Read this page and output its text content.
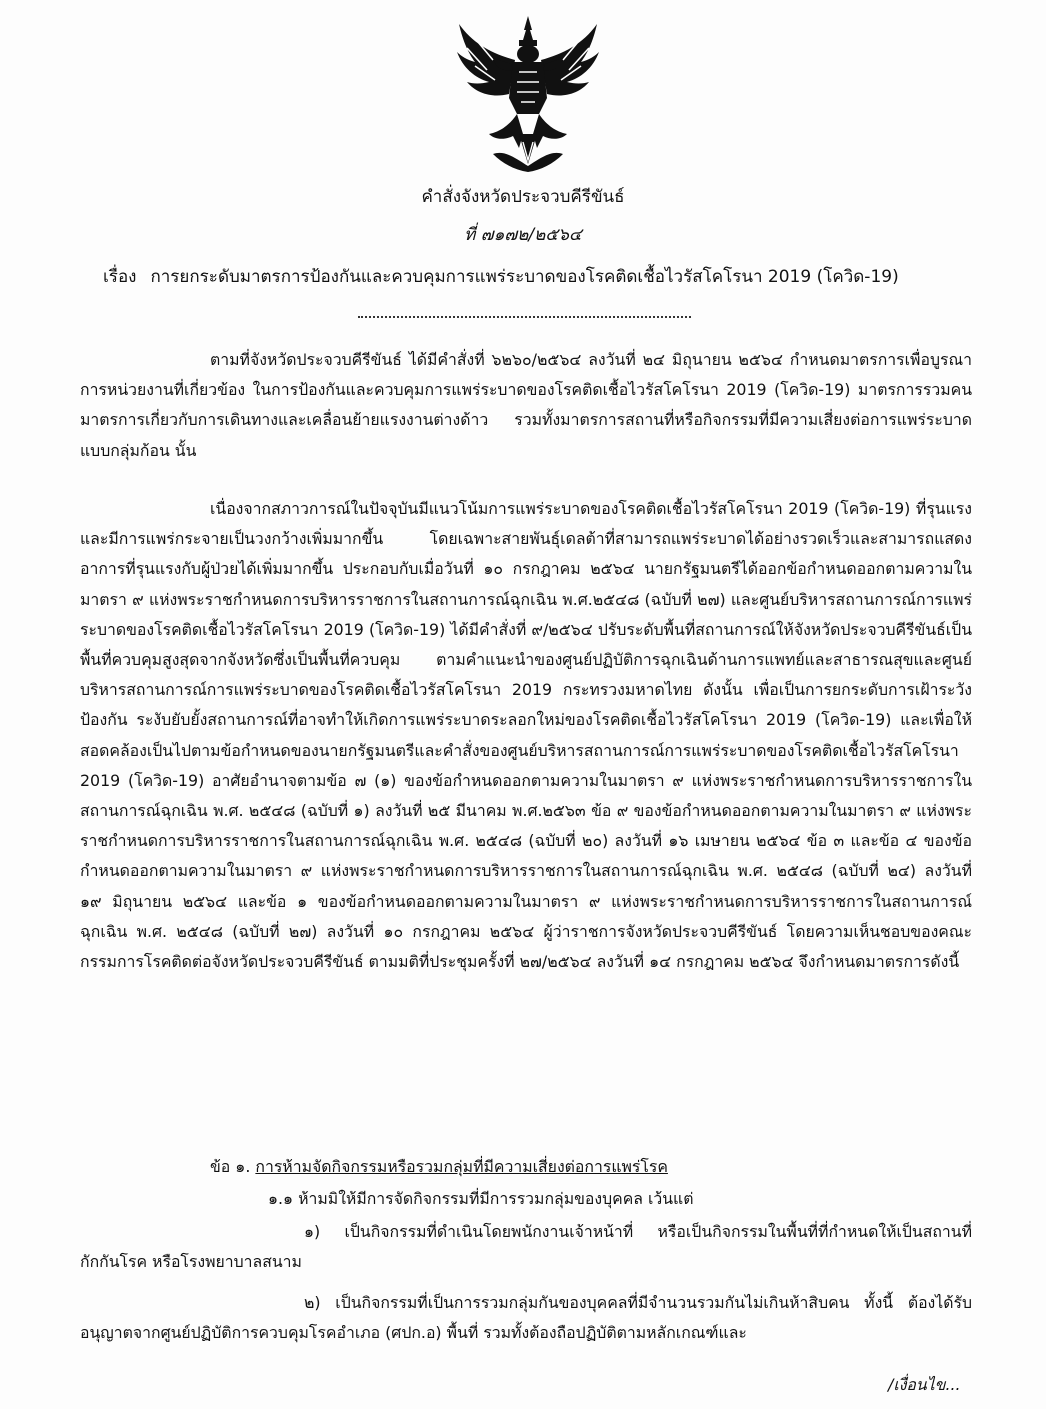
คำสั่งจังหวัดประจวบคีรีขันธ์
ที่ ๗๑๗๒/๒๕๖๔
เรื่อง การยกระดับมาตรการป้องกันและควบคุมการแพร่ระบาดของโรคติดเชื้อไวรัสโคโรนา 2019 (โควิด-19)
ตามที่จังหวัดประจวบคีรีขันธ์ ได้มีคำสั่งที่ ๖๒๖๐/๒๕๖๔ ลงวันที่ ๒๔ มิถุนายน ๒๕๖๔ กำหนดมาตรการเพื่อบูรณาการหน่วยงานที่เกี่ยวข้อง ในการป้องกันและควบคุมการแพร่ระบาดของโรคติดเชื้อไวรัสโคโรนา 2019 (โควิด-19) มาตรการรวมคน มาตรการเกี่ยวกับการเดินทางและเคลื่อนย้ายแรงงานต่างด้าว รวมทั้งมาตรการสถานที่หรือกิจกรรมที่มีความเสี่ยงต่อการแพร่ระบาดแบบกลุ่มก้อน นั้น
เนื่องจากสภาวการณ์ในปัจจุบันมีแนวโน้มการแพร่ระบาดของโรคติดเชื้อไวรัสโคโรนา 2019 (โควิด-19) ที่รุนแรงและมีการแพร่กระจายเป็นวงกว้างเพิ่มมากขึ้น โดยเฉพาะสายพันธุ์เดลต้าที่สามารถแพร่ระบาดได้อย่างรวดเร็วและสามารถแสดงอาการที่รุนแรงกับผู้ป่วยได้เพิ่มมากขึ้น ประกอบกับเมื่อวันที่ ๑๐ กรกฎาคม ๒๕๖๔ นายกรัฐมนตรีได้ออกข้อกำหนดออกตามความในมาตรา ๙ แห่งพระราชกำหนดการบริหารราชการในสถานการณ์ฉุกเฉิน พ.ศ.๒๕๔๘ (ฉบับที่ ๒๗) และศูนย์บริหารสถานการณ์การแพร่ระบาดของโรคติดเชื้อไวรัสโคโรนา 2019 (โควิด-19) ได้มีคำสั่งที่ ๙/๒๕๖๔ ปรับระดับพื้นที่สถานการณ์ให้จังหวัดประจวบคีรีขันธ์เป็นพื้นที่ควบคุมสูงสุดจากจังหวัดซึ่งเป็นพื้นที่ควบคุม ตามคำแนะนำของศูนย์ปฏิบัติการฉุกเฉินด้านการแพทย์และสาธารณสุขและศูนย์บริหารสถานการณ์การแพร่ระบาดของโรคติดเชื้อไวรัสโคโรนา 2019 กระทรวงมหาดไทย ดังนั้น เพื่อเป็นการยกระดับการเฝ้าระวัง ป้องกัน ระงับยับยั้งสถานการณ์ที่อาจทำให้เกิดการแพร่ระบาดระลอกใหม่ของโรคติดเชื้อไวรัสโคโรนา 2019 (โควิด-19) และเพื่อให้สอดคล้องเป็นไปตามข้อกำหนดของนายกรัฐมนตรีและคำสั่งของศูนย์บริหารสถานการณ์การแพร่ระบาดของโรคติดเชื้อไวรัสโคโรนา 2019 (โควิด-19) อาศัยอำนาจตามข้อ ๗ (๑) ของข้อกำหนดออกตามความในมาตรา ๙ แห่งพระราชกำหนดการบริหารราชการในสถานการณ์ฉุกเฉิน พ.ศ. ๒๕๔๘ (ฉบับที่ ๑) ลงวันที่ ๒๕ มีนาคม พ.ศ.๒๕๖๓ ข้อ ๙ ของข้อกำหนดออกตามความในมาตรา ๙ แห่งพระราชกำหนดการบริหารราชการในสถานการณ์ฉุกเฉิน พ.ศ. ๒๕๔๘ (ฉบับที่ ๒๐) ลงวันที่ ๑๖ เมษายน ๒๕๖๔ ข้อ ๓ และข้อ ๔ ของข้อกำหนดออกตามความในมาตรา ๙ แห่งพระราชกำหนดการบริหารราชการในสถานการณ์ฉุกเฉิน พ.ศ. ๒๕๔๘ (ฉบับที่ ๒๔) ลงวันที่ ๑๙ มิถุนายน ๒๕๖๔ และข้อ ๑ ของข้อกำหนดออกตามความในมาตรา ๙ แห่งพระราชกำหนดการบริหารราชการในสถานการณ์ฉุกเฉิน พ.ศ. ๒๕๔๘ (ฉบับที่ ๒๗) ลงวันที่ ๑๐ กรกฎาคม ๒๕๖๔ ผู้ว่าราชการจังหวัดประจวบคีรีขันธ์ โดยความเห็นชอบของคณะกรรมการโรคติดต่อจังหวัดประจวบคีรีขันธ์ ตามมติที่ประชุมครั้งที่ ๒๗/๒๕๖๔ ลงวันที่ ๑๔ กรกฎาคม ๒๕๖๔ จึงกำหนดมาตรการดังนี้
ข้อ ๑. การห้ามจัดกิจกรรมหรือรวมกลุ่มที่มีความเสี่ยงต่อการแพร่โรค
๑.๑ ห้ามมิให้มีการจัดกิจกรรมที่มีการรวมกลุ่มของบุคคล เว้นแต่
๑) เป็นกิจกรรมที่ดำเนินโดยพนักงานเจ้าหน้าที่ หรือเป็นกิจกรรมในพื้นที่ที่กำหนดให้เป็นสถานที่กักกันโรค หรือโรงพยาบาลสนาม
๒) เป็นกิจกรรมที่เป็นการรวมกลุ่มกันของบุคคลที่มีจำนวนรวมกันไม่เกินห้าสิบคน ทั้งนี้ ต้องได้รับอนุญาตจากศูนย์ปฏิบัติการควบคุมโรคอำเภอ (ศปก.อ) พื้นที่ รวมทั้งต้องถือปฏิบัติตามหลักเกณฑ์และ
/เงื่อนไข...
